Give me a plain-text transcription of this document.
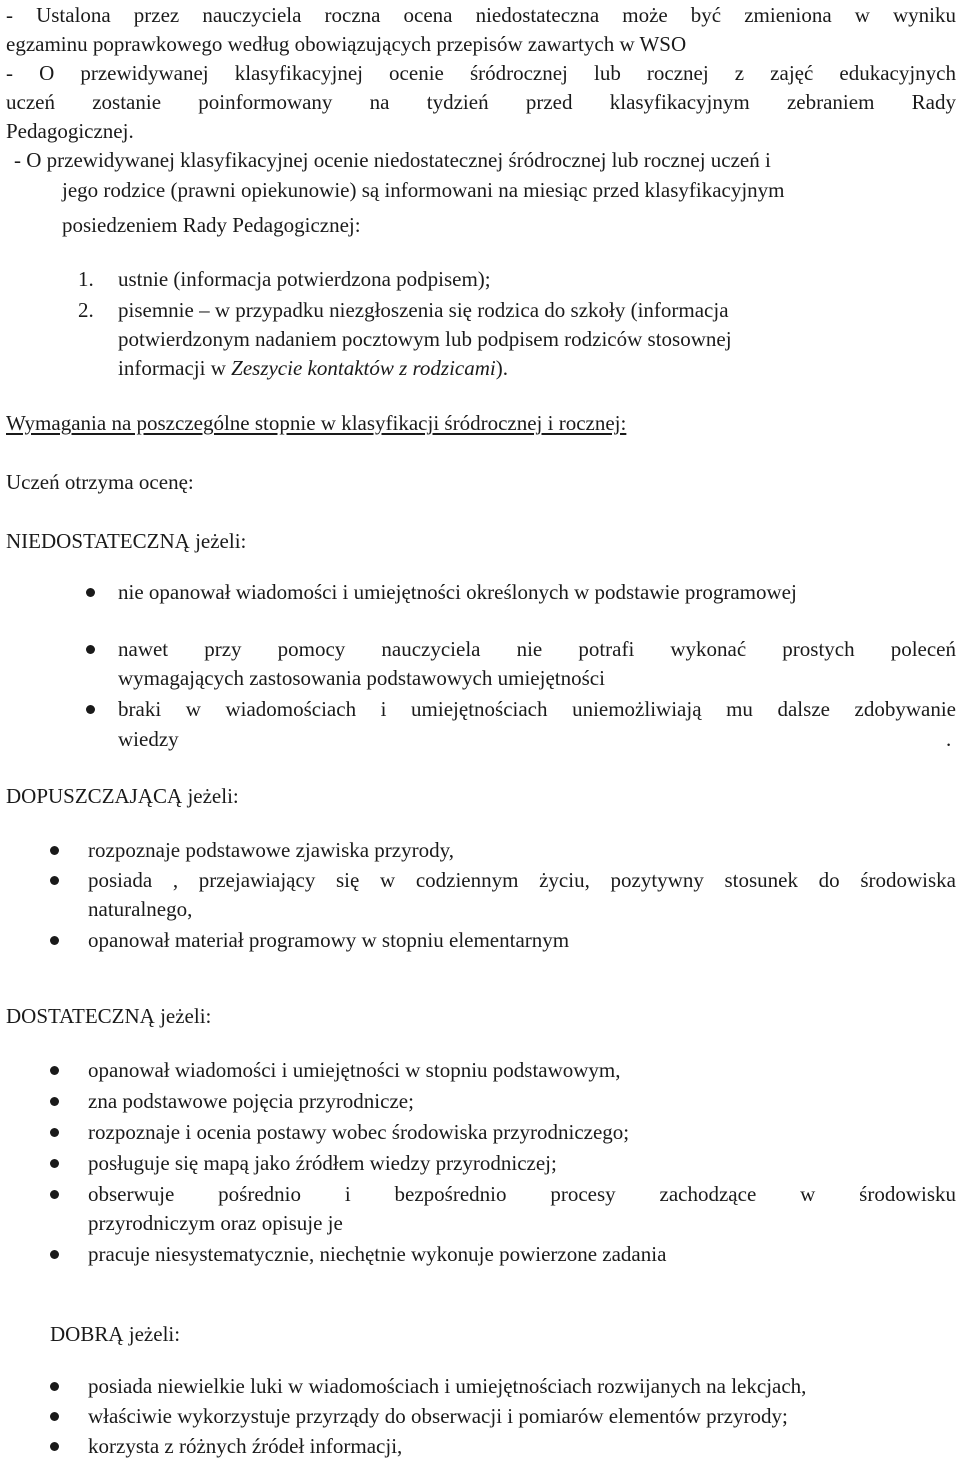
- Ustalona przez nauczyciela roczna ocena niedostateczna może być zmieniona w wyniku
egzaminu poprawkowego według obowiązujących przepisów zawartych w WSO
- O przewidywanej klasyfikacyjnej ocenie śródrocznej lub rocznej z zajęć edukacyjnych
uczeń zostanie poinformowany na tydzień przed klasyfikacyjnym zebraniem Rady
Pedagogicznej.
- O przewidywanej klasyfikacyjnej ocenie niedostatecznej śródrocznej lub rocznej uczeń i
jego rodzice (prawni opiekunowie) są informowani na miesiąc przed klasyfikacyjnym
posiedzeniem Rady Pedagogicznej:
1. ustnie (informacja potwierdzona podpisem);
2. pisemnie – w przypadku niezgłoszenia się rodzica do szkoły (informacja
potwierdzonym nadaniem pocztowym lub podpisem rodziców stosownej
informacji w Zeszycie kontaktów z rodzicami).
Wymagania na poszczególne stopnie w klasyfikacji śródrocznej i rocznej:
Uczeń otrzyma ocenę:
NIEDOSTATECZNĄ jeżeli:
nie opanował wiadomości i umiejętności określonych w podstawie programowej
nawet przy pomocy nauczyciela nie potrafi wykonać prostych poleceń
wymagających zastosowania podstawowych umiejętności
braki w wiadomościach i umiejętnościach uniemożliwiają mu dalsze zdobywanie
wiedzy	.
DOPUSZCZAJĄCĄ jeżeli:
rozpoznaje podstawowe zjawiska przyrody,
posiada , przejawiający się w codziennym życiu, pozytywny stosunek do środowiska
naturalnego,
opanował materiał programowy w stopniu elementarnym
DOSTATECZNĄ jeżeli:
opanował wiadomości i umiejętności w stopniu podstawowym,
zna podstawowe pojęcia przyrodnicze;
rozpoznaje i ocenia postawy wobec środowiska przyrodniczego;
posługuje się mapą jako źródłem wiedzy przyrodniczej;
obserwuje pośrednio i bezpośrednio procesy zachodzące w środowisku
przyrodniczym oraz opisuje je
pracuje niesystematycznie, niechętnie wykonuje powierzone zadania
DOBRĄ jeżeli:
posiada niewielkie luki w wiadomościach i umiejętnościach rozwijanych na lekcjach,
właściwie wykorzystuje przyrządy do obserwacji i pomiarów elementów przyrody;
korzysta z różnych źródeł informacji,
